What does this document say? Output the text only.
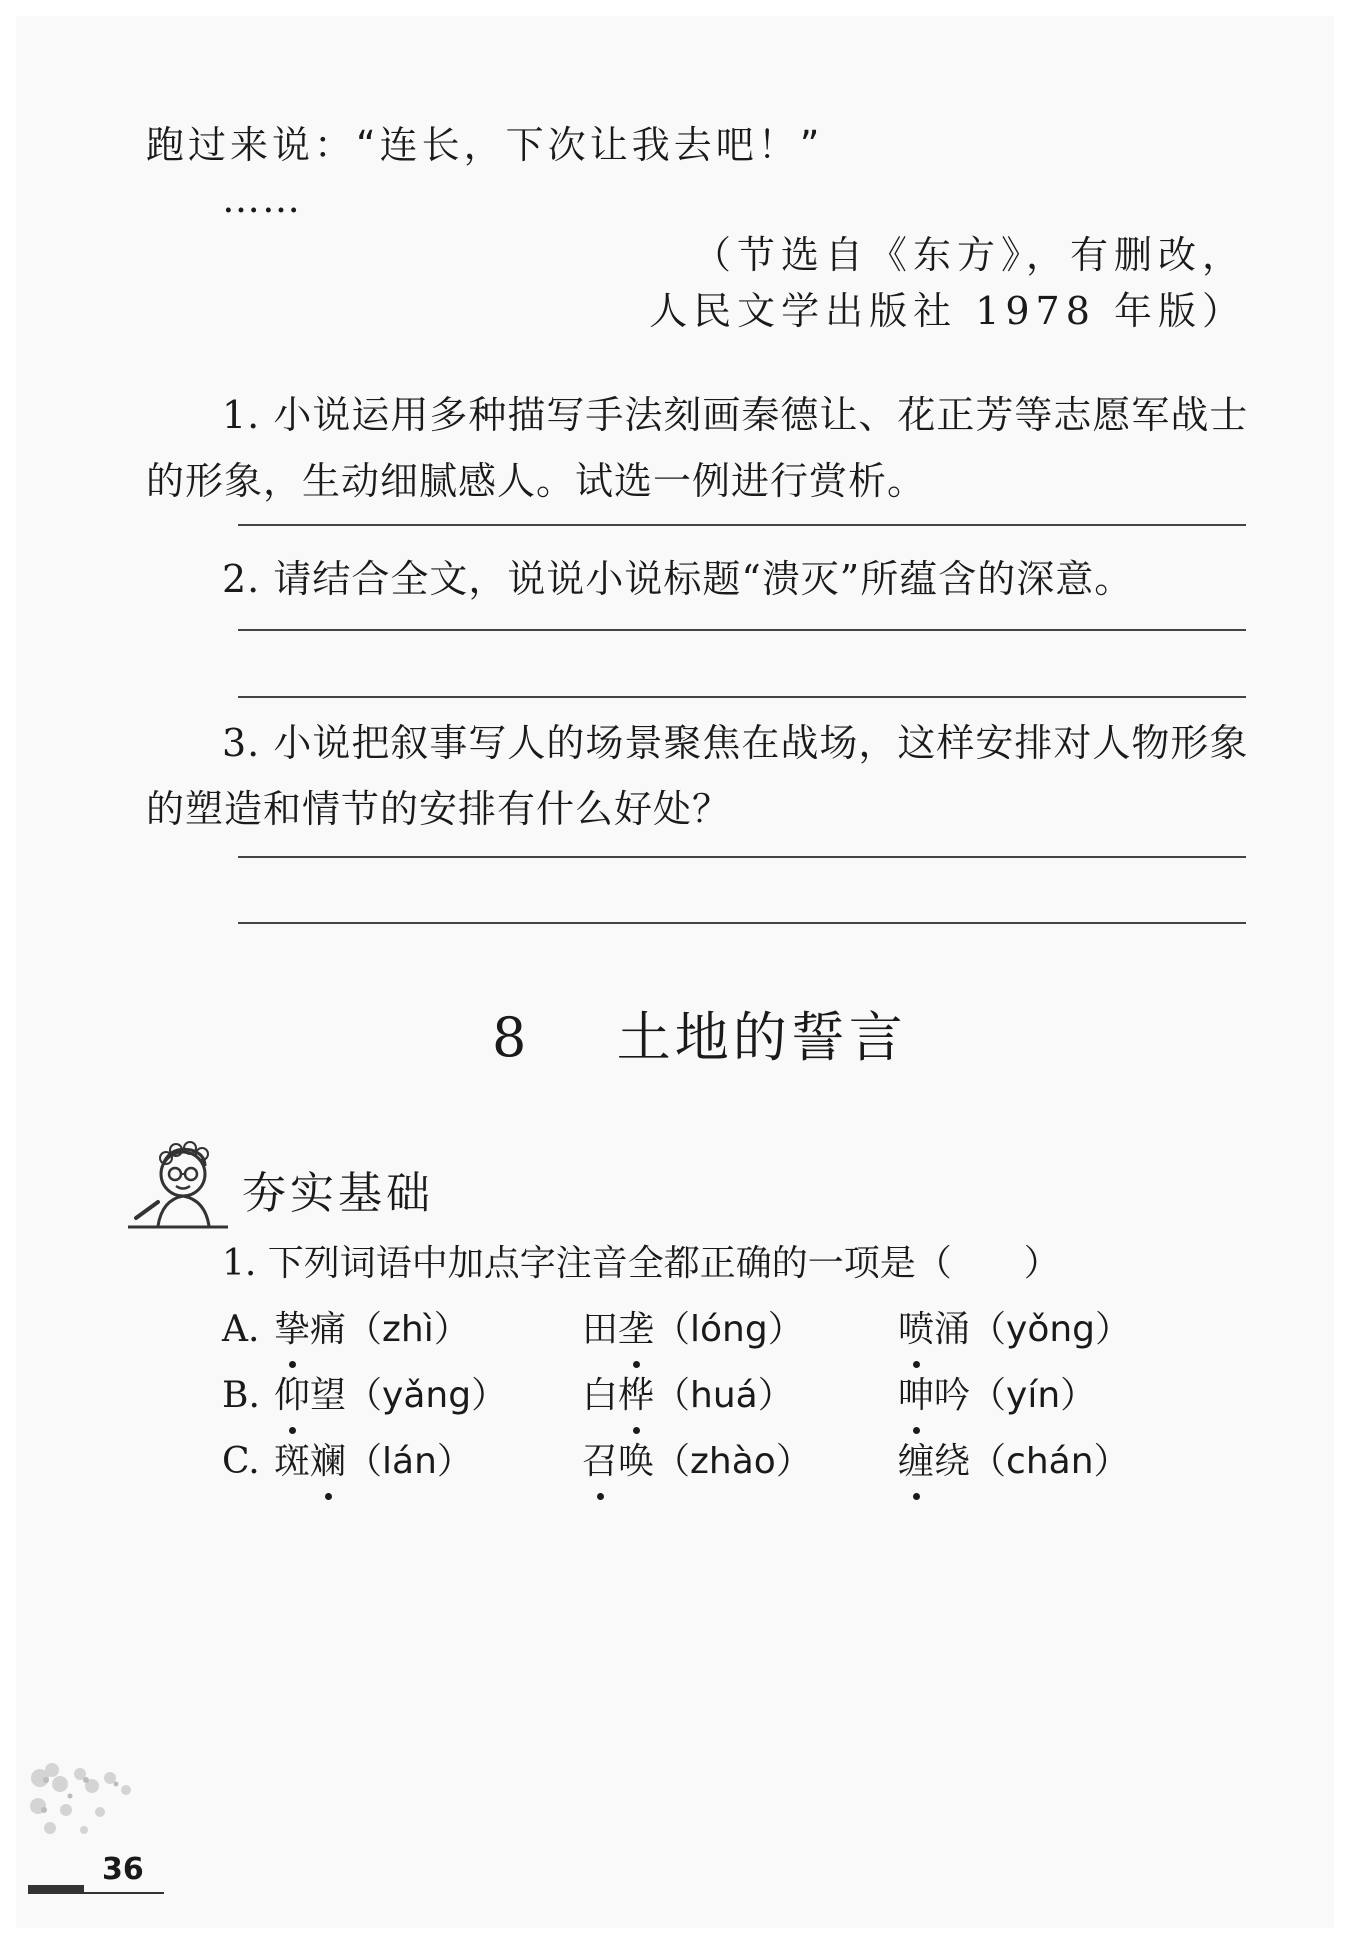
跑过来说：“连长，下次让我去吧！”
……
（节选自《东方》，有删改，
人民文学出版社 1978 年版）
1. 小说运用多种描写手法刻画秦德让、花正芳等志愿军战士的形象，生动细腻感人。试选一例进行赏析。
2. 请结合全文，说说小说标题“溃灭”所蕴含的深意。
3. 小说把叙事写人的场景聚焦在战场，这样安排对人物形象的塑造和情节的安排有什么好处？
8 土地的誓言
夯实基础
1. 下列词语中加点字注音全都正确的一项是（　　）
A. 挚痛（zhì）	田垄（lóng）	喷涌（yǒng）
B. 仰望（yǎng） 白桦（huá）	呻吟（yín）
C. 斑斓（lán）	召唤（zhào） 缠绕（chán）
36
